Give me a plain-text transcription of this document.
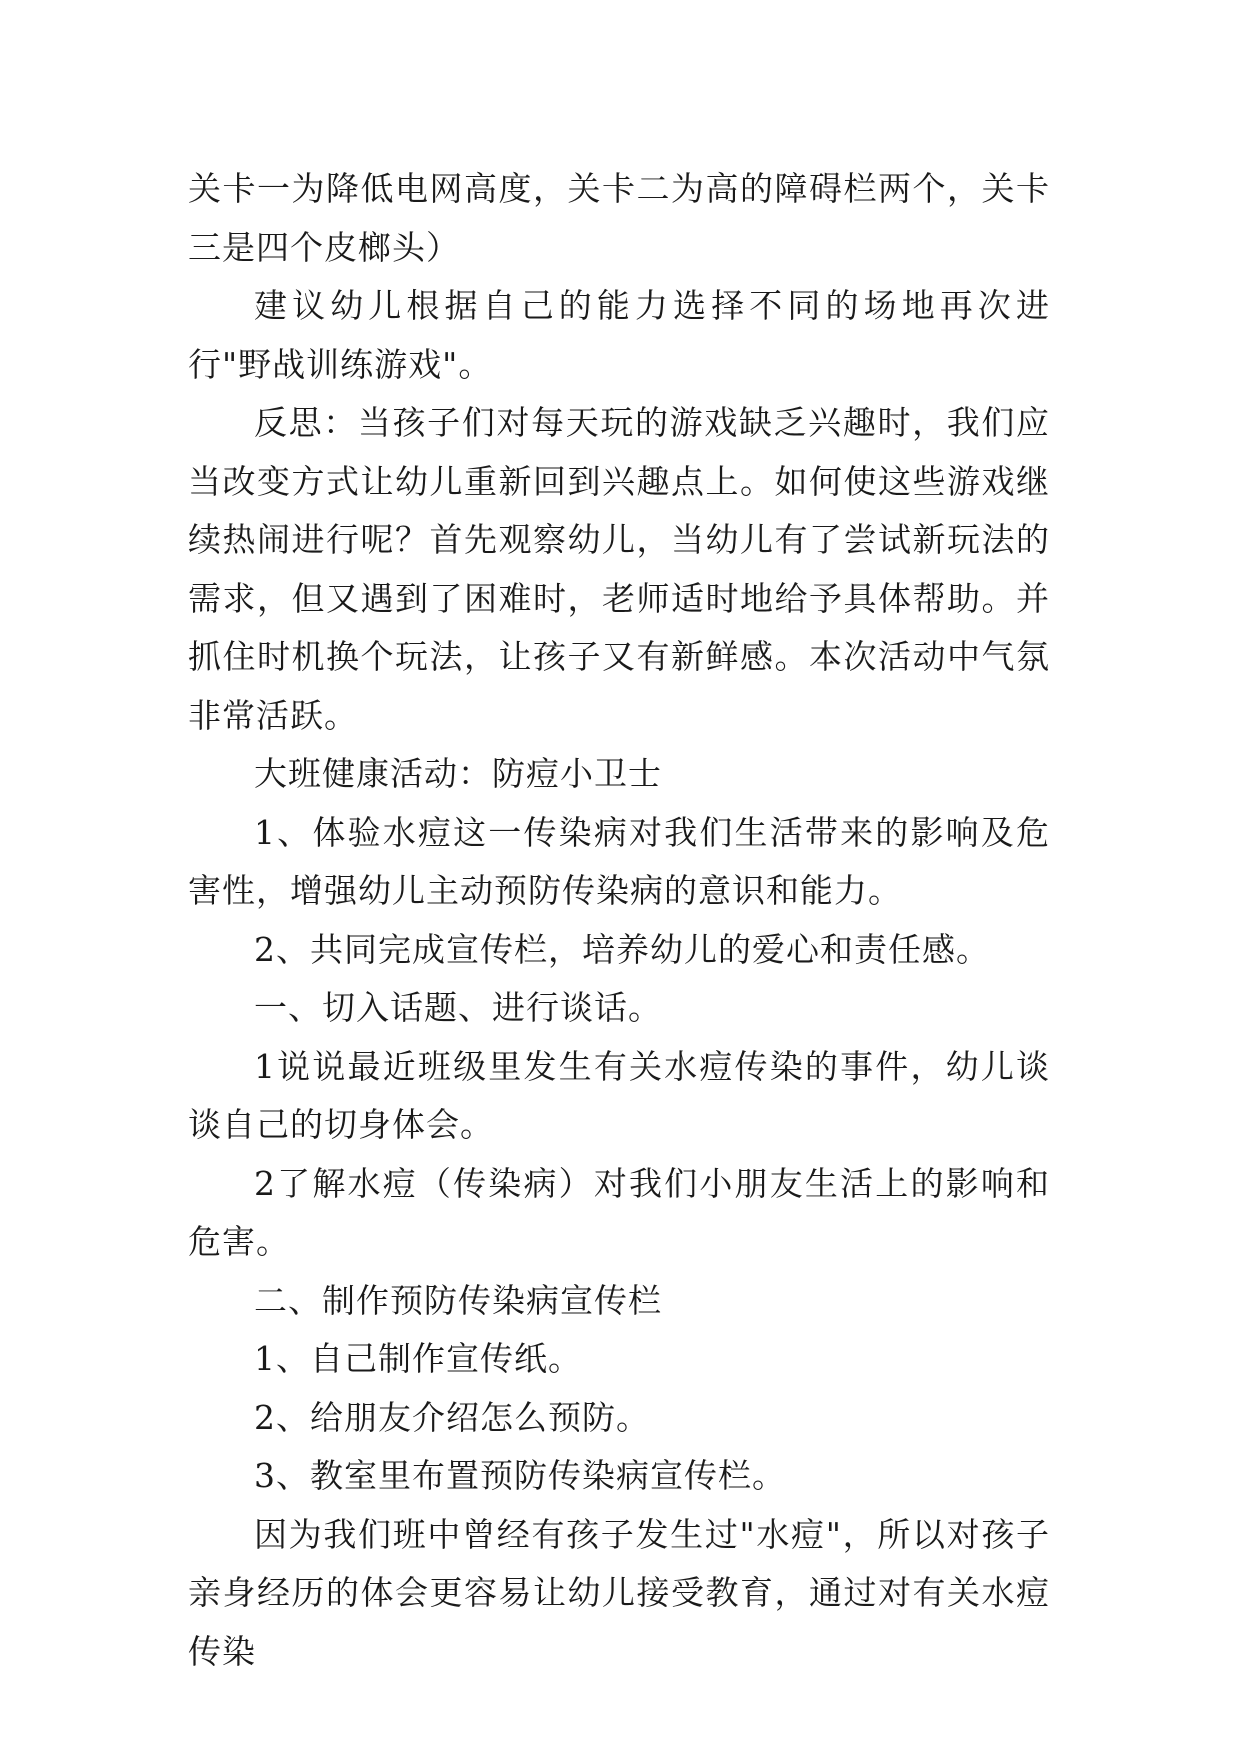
关卡一为降低电网高度，关卡二为高的障碍栏两个，关卡三是四个皮榔头）

建议幼儿根据自己的能力选择不同的场地再次进行"野战训练游戏"。

反思：当孩子们对每天玩的游戏缺乏兴趣时，我们应当改变方式让幼儿重新回到兴趣点上。如何使这些游戏继续热闹进行呢？首先观察幼儿，当幼儿有了尝试新玩法的需求，但又遇到了困难时，老师适时地给予具体帮助。并抓住时机换个玩法，让孩子又有新鲜感。本次活动中气氛非常活跃。

大班健康活动：防痘小卫士

1、体验水痘这一传染病对我们生活带来的影响及危害性，增强幼儿主动预防传染病的意识和能力。

2、共同完成宣传栏，培养幼儿的爱心和责任感。

一、切入话题、进行谈话。

1说说最近班级里发生有关水痘传染的事件，幼儿谈谈自己的切身体会。

2了解水痘（传染病）对我们小朋友生活上的影响和危害。

二、制作预防传染病宣传栏

1、自己制作宣传纸。

2、给朋友介绍怎么预防。

3、教室里布置预防传染病宣传栏。

因为我们班中曾经有孩子发生过"水痘"，所以对孩子亲身经历的体会更容易让幼儿接受教育，通过对有关水痘传染
